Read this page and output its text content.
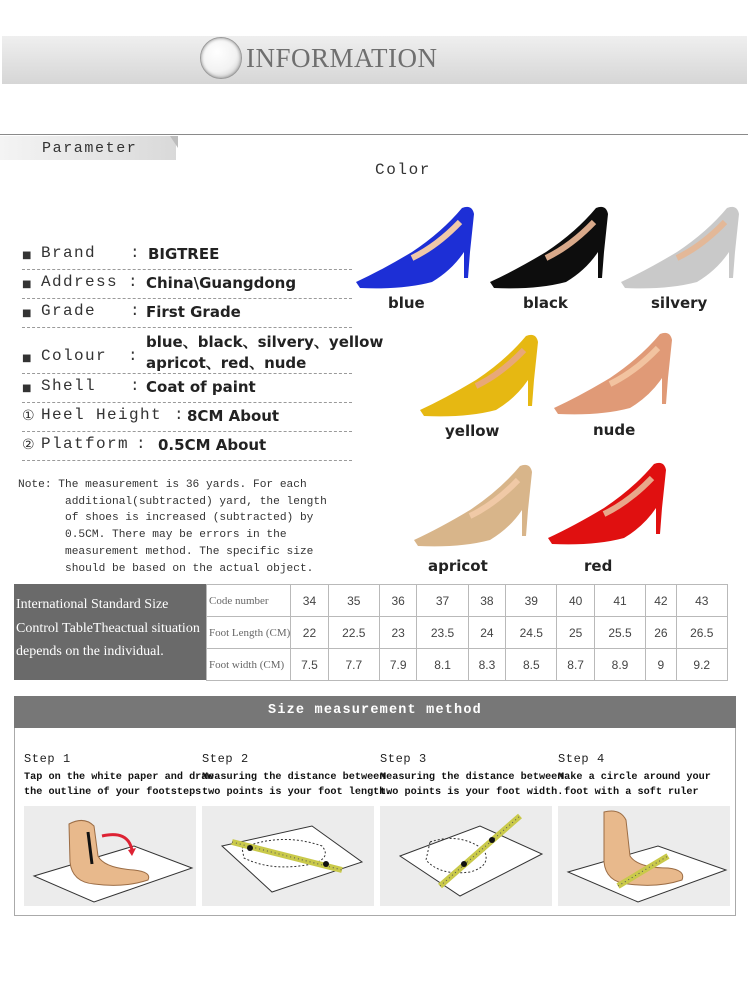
INFORMATION
Parameter
■ Brand : BIGTREE
■ Address : China\Guangdong
■ Grade : First Grade
■ Colour :
blue、black、silvery、yellow
apricot、red、nude
■ Shell : Coat of paint
① Heel Height : 8CM About
② Platform : 0.5CM About
Note: The measurement is 36 yards. For each
additional(subtracted) yard, the length
of shoes is increased (subtracted) by
0.5CM. There may be errors in the
measurement method. The specific size
should be based on the actual object.
Color
blue	black	silvery
yellow	nude
apricot	red
International Standard Size
Control TableTheactual situation
depends on the individual.
Code number	34	35	36	37	38	39	40	41	42	43
Foot Length (CM)	22	22.5	23	23.5	24	24.5	25	25.5	26	26.5
Foot width (CM)	7.5	7.7	7.9	8.1	8.3	8.5	8.7	8.9	9	9.2
Size measurement method
Step 1
Tap on the white paper and draw
the outline of your footsteps
Step 2
Measuring the distance between
two points is your foot length.
Step 3
Measuring the distance between
two points is your foot width.
Step 4
Make a circle around your
foot with a soft ruler
